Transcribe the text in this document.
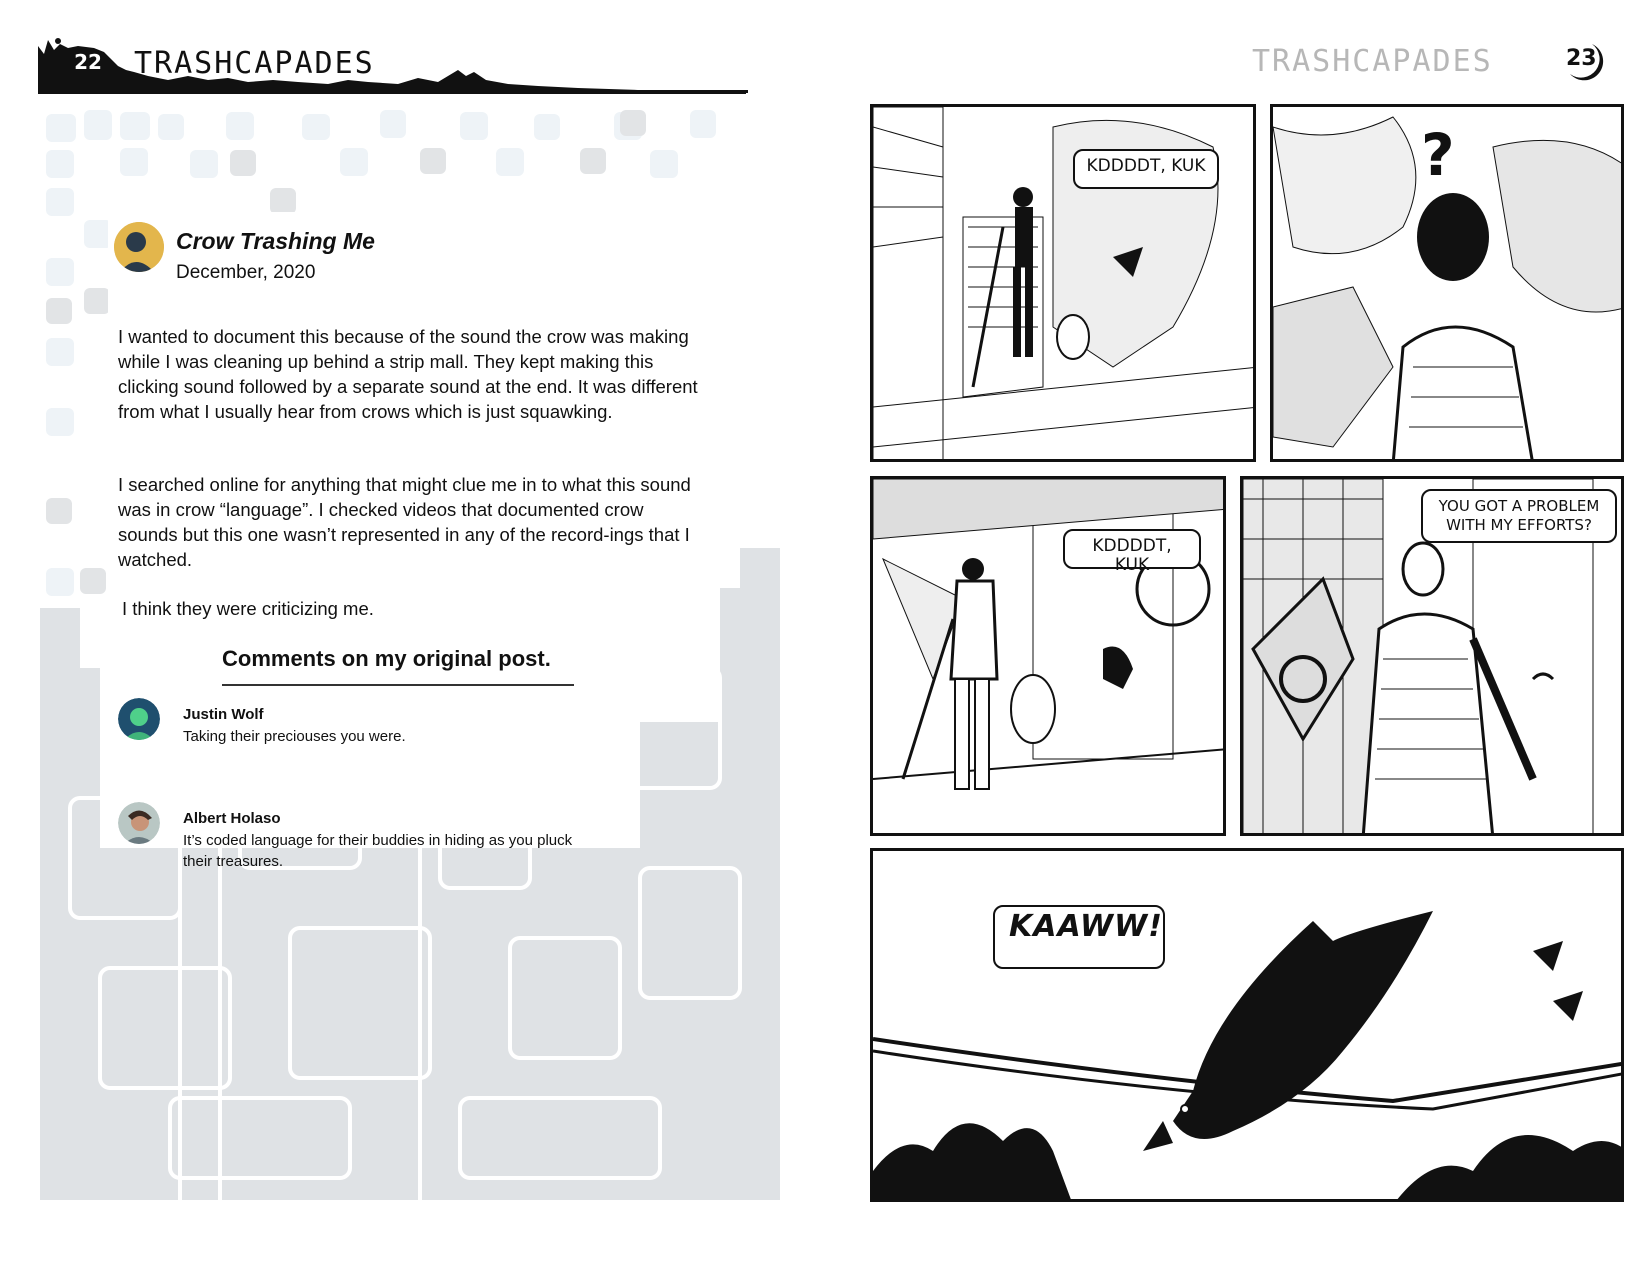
22 TRASHCAPADES
Crow Trashing Me
December, 2020

I wanted to document this because of the sound the crow was making while I was cleaning up behind a strip mall. They kept making this clicking sound followed by a separate sound at the end. It was different from what I usually hear from crows which is just squawking.

I searched online for anything that might clue me in to what this sound was in crow “language”. I checked videos that documented crow sounds but this one wasn’t represented in any of the record-ings that I watched.

I think they were criticizing me.

Comments on my original post.
Justin Wolf
Taking their preciouses you were.
Albert Holaso
It’s coded language for their buddies in hiding as you pluck their treasures.
TRASHCAPADES	23
KDDDDT, KUK	?
KDDDDT, KUK
YOU GOT A PROBLEM
WITH MY EFFORTS?
KAAWW!
